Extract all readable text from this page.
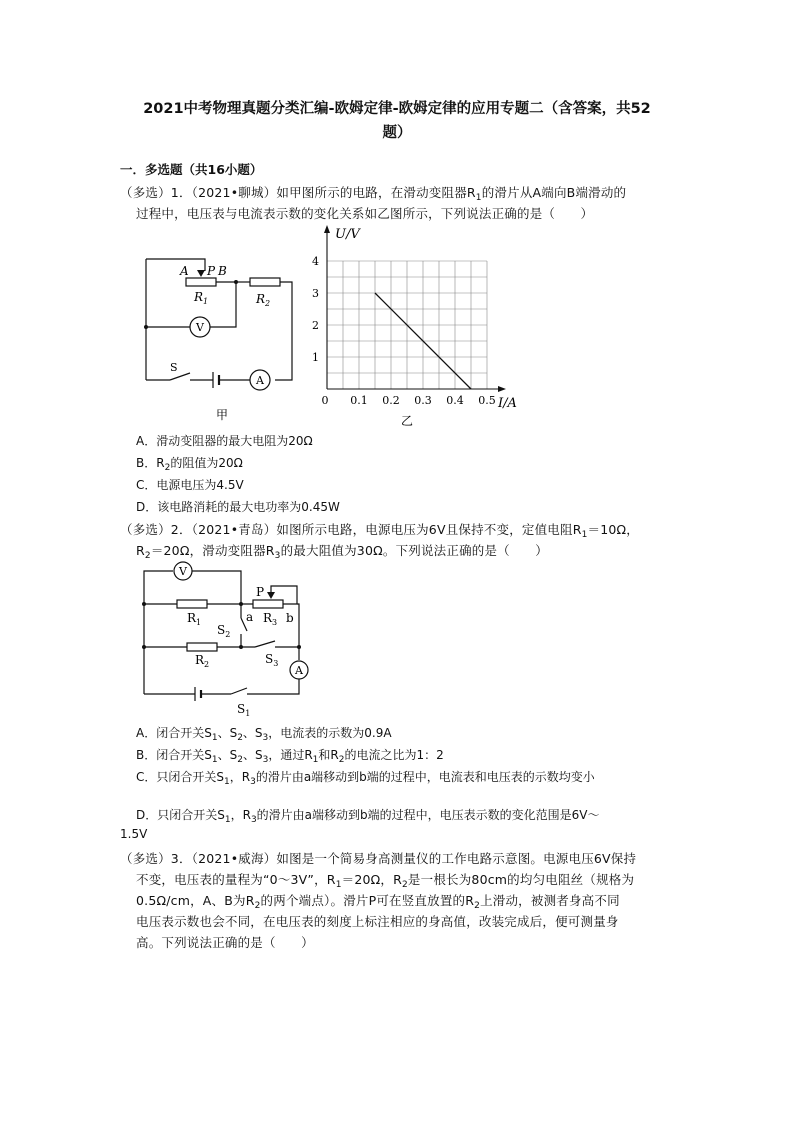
2021中考物理真题分类汇编-欧姆定律-欧姆定律的应用专题二（含答案，共52
题）
一．多选题（共16小题）
（多选）1．（2021•聊城）如甲图所示的电路，在滑动变阻器$R_1$的滑片从A端向B端滑动的
过程中，电压表与电流表示数的变化关系如乙图所示，下列说法正确的是（　　）
A P B
$R_1$	$R_2$
V
A
S
甲
0 0.1 0.2 0.3 0.4 0.5
1
2
3
4
U/V
I/A
乙
A．滑动变阻器的最大电阻为20Ω
B．$R_2$的阻值为20Ω
C．电源电压为4.5V
D．该电路消耗的最大电功率为0.45W
（多选）2．（2021•青岛）如图所示电路，电源电压为6V且保持不变，定值电阻$R_1=10\Omega$，
$R_2=20\Omega$，滑动变阻器$R_3$的最大阻值为30Ω。下列说法正确的是（　　）
V
P
$R_1$	$R_3$ b
a
$S_2$
$R_2$	$S_3$
A
$S_1$
A．闭合开关$S_1$、$S_2$、$S_3$，电流表的示数为0.9A
B．闭合开关$S_1$、$S_2$、$S_3$，通过$R_1$和$R_2$的电流之比为1：2
C．只闭合开关$S_1$，$R_3$的滑片由a端移动到b端的过程中，电流表和电压表的示数均变小
D．只闭合开关$S_1$，$R_3$的滑片由a端移动到b端的过程中，电压表示数的变化范围是6V～
1.5V
（多选）3．（2021•威海）如图是一个简易身高测量仪的工作电路示意图。电源电压6V保持
不变，电压表的量程为“0～3V”，$R_1=20\Omega$，$R_2$是一根长为80cm的均匀电阻丝（规格为
0.5Ω/cm，A、B为$R_2$的两个端点）。滑片P可在竖直放置的$R_2$上滑动，被测者身高不同
电压表示数也会不同，在电压表的刻度上标注相应的身高值，改装完成后，便可测量身
高。下列说法正确的是（　　）
